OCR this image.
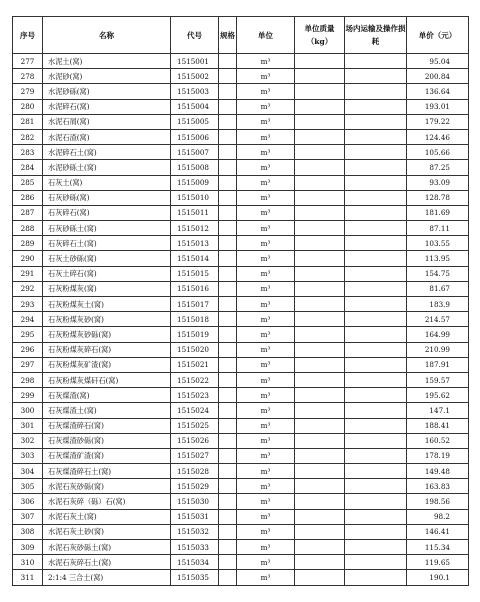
序号	名称	代号	规格	单位	单位质量（kg）	场内运输及操作损耗	单价（元）
277	水泥土(窝)	1515001		m³			95.04
278	水泥砂(窝)	1515002		m³			200.84
279	水泥砂砾(窝)	1515003		m³			136.64
280	水泥碎石(窝)	1515004		m³			193.01
281	水泥石屑(窝)	1515005		m³			179.22
282	水泥石渣(窝)	1515006		m³			124.46
283	水泥碎石土(窝)	1515007		m³			105.66
284	水泥砂砾土(窝)	1515008		m³			87.25
285	石灰土(窝)	1515009		m³			93.09
286	石灰砂砾(窝)	1515010		m³			128.78
287	石灰碎石(窝)	1515011		m³			181.69
288	石灰砂砾土(窝)	1515012		m³			87.11
289	石灰碎石土(窝)	1515013		m³			103.55
290	石灰土砂砾(窝)	1515014		m³			113.95
291	石灰土碎石(窝)	1515015		m³			154.75
292	石灰粉煤灰(窝)	1515016		m³			81.67
293	石灰粉煤灰土(窝)	1515017		m³			183.9
294	石灰粉煤灰砂(窝)	1515018		m³			214.57
295	石灰粉煤灰砂砾(窝)	1515019		m³			164.99
296	石灰粉煤灰碎石(窝)	1515020		m³			210.99
297	石灰粉煤灰矿渣(窝)	1515021		m³			187.91
298	石灰粉煤灰煤矸石(窝)	1515022		m³			159.57
299	石灰煤渣(窝)	1515023		m³			195.62
300	石灰煤渣土(窝)	1515024		m³			147.1
301	石灰煤渣碎石(窝)	1515025		m³			188.41
302	石灰煤渣砂砾(窝)	1515026		m³			160.52
303	石灰煤渣矿渣(窝)	1515027		m³			178.19
304	石灰煤渣碎石土(窝)	1515028		m³			149.48
305	水泥石灰砂砾(窝)	1515029		m³			163.83
306	水泥石灰碎（砾）石(窝)	1515030		m³			198.56
307	水泥石灰土(窝)	1515031		m³			98.2
308	水泥石灰土砂(窝)	1515032		m³			146.41
309	水泥石灰砂砾土(窝)	1515033		m³			115.34
310	水泥石灰碎石土(窝)	1515034		m³			119.65
311	2:1:4 三合土(窝)	1515035		m³			190.1
